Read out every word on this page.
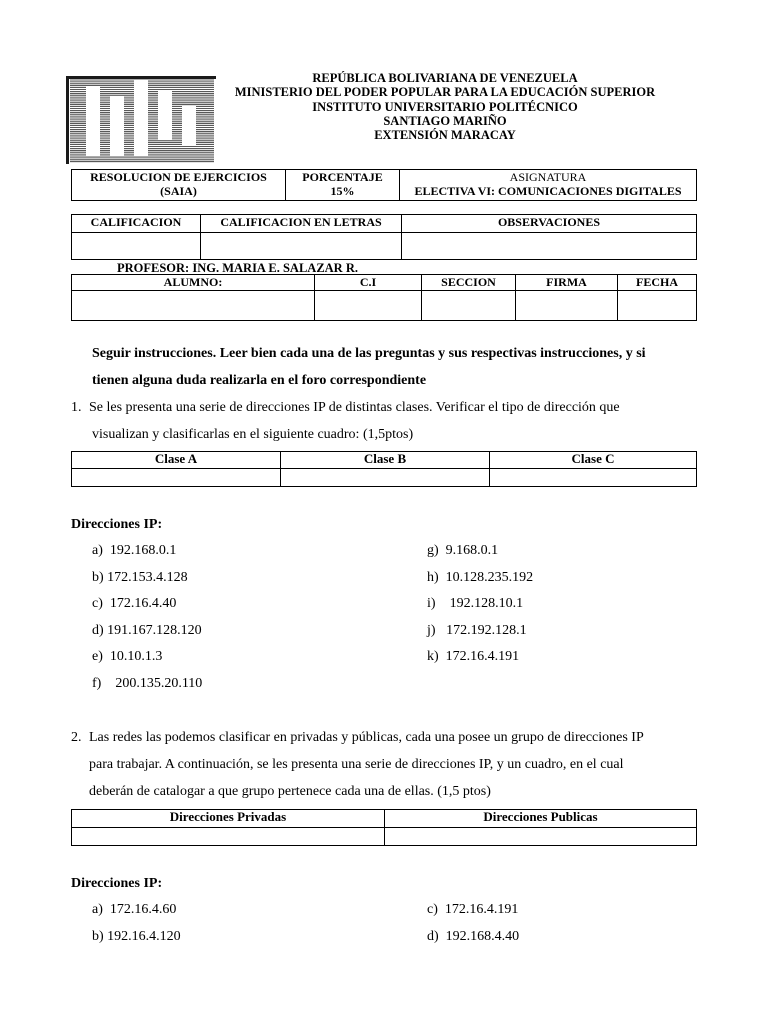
REPÚBLICA BOLIVARIANA DE VENEZUELA
MINISTERIO DEL PODER POPULAR PARA LA EDUCACIÓN SUPERIOR
INSTITUTO UNIVERSITARIO POLITÉCNICO
SANTIAGO MARIÑO
EXTENSIÓN MARACAY
RESOLUCION DE EJERCICIOS
(SAIA)

PORCENTAJE
15%

ASIGNATURA
ELECTIVA VI: COMUNICACIONES DIGITALES
CALIFICACION	CALIFICACION EN LETRAS	OBSERVACIONES

PROFESOR: ING. MARIA E. SALAZAR R.
ALUMNO:	C.I	SECCION	FIRMA	FECHA

Seguir instrucciones. Leer bien cada una de las preguntas y sus respectivas instrucciones, y si
tienen alguna duda realizarla en el foro correspondiente
1. Se les presenta una serie de direcciones IP de distintas clases. Verificar el tipo de dirección que
visualizan y clasificarlas en el siguiente cuadro: (1,5ptos)
Clase A	Clase B	Clase C

Direcciones IP:
a) 192.168.0.1
b) 172.153.4.128
c) 172.16.4.40
d) 191.167.128.120
e) 10.10.1.3
f) 200.135.20.110
g) 9.168.0.1
h) 10.128.235.192
i) 192.128.10.1
j) 172.192.128.1
k) 172.16.4.191
2. Las redes las podemos clasificar en privadas y públicas, cada una posee un grupo de direcciones IP
para trabajar. A continuación, se les presenta una serie de direcciones IP, y un cuadro, en el cual
deberán de catalogar a que grupo pertenece cada una de ellas. (1,5 ptos)
Direcciones Privadas	Direcciones Publicas

Direcciones IP:
a) 172.16.4.60
b) 192.16.4.120
c) 172.16.4.191
d) 192.168.4.40
